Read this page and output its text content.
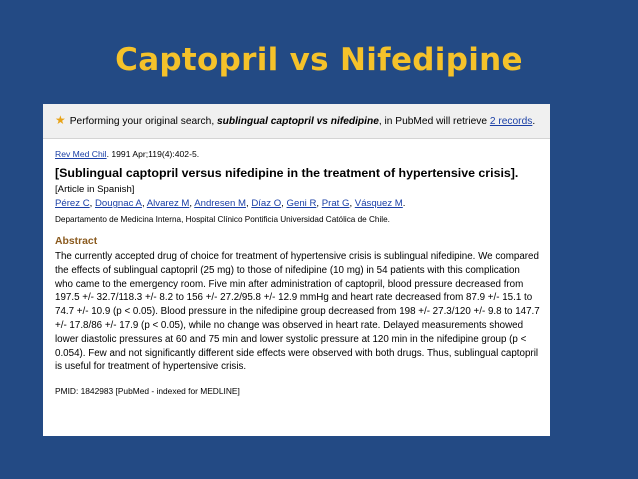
Captopril vs Nifedipine
★ Performing your original search, sublingual captopril vs nifedipine, in PubMed will retrieve 2 records.
Rev Med Chil. 1991 Apr;119(4):402-5.
[Sublingual captopril versus nifedipine in the treatment of hypertensive crisis].
[Article in Spanish]
Pérez C, Dougnac A, Alvarez M, Andresen M, Díaz O, Geni R, Prat G, Vásquez M.
Departamento de Medicina Interna, Hospital Clínico Pontificia Universidad Católica de Chile.
Abstract
The currently accepted drug of choice for treatment of hypertensive crisis is sublingual nifedipine. We compared the effects of sublingual captopril (25 mg) to those of nifedipine (10 mg) in 54 patients with this complication who came to the emergency room. Five min after administration of captopril, blood pressure decreased from 197.5 +/- 32.7/118.3 +/- 8.2 to 156 +/- 27.2/95.8 +/- 12.9 mmHg and heart rate decreased from 87.9 +/- 15.1 to 74.7 +/- 10.9 (p < 0.05). Blood pressure in the nifedipine group decreased from 198 +/- 27.3/120 +/- 9.8 to 147.7 +/- 17.8/86 +/- 17.9 (p < 0.05), while no change was observed in heart rate. Delayed measurements showed lower diastolic pressures at 60 and 75 min and lower systolic pressure at 120 min in the nifedipine group (p < 0.054). Few and not significantly different side effects were observed with both drugs. Thus, sublingual captopril is useful for treatment of hypertensive crisis.
PMID: 1842983 [PubMed - indexed for MEDLINE]
